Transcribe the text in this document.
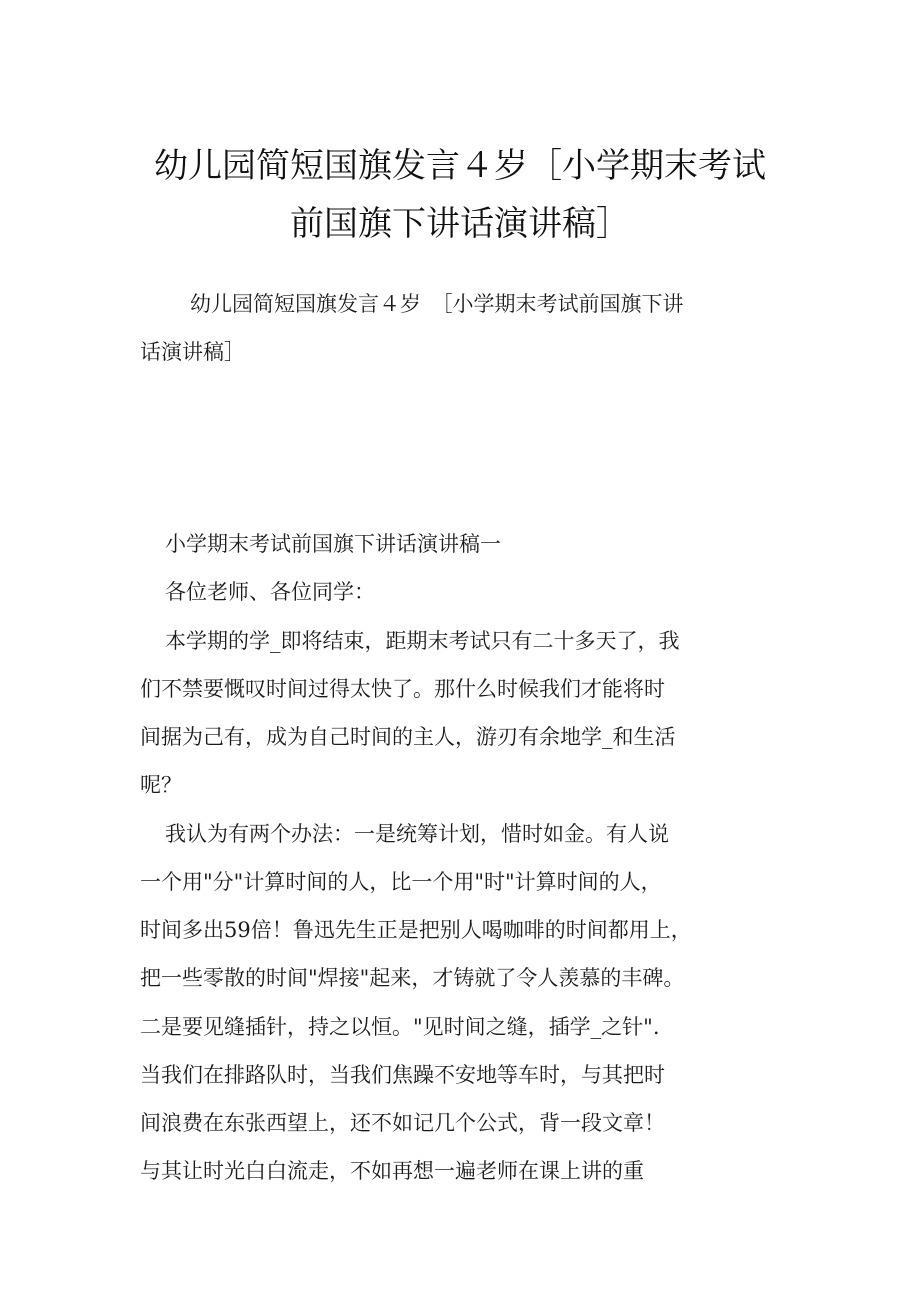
幼儿园简短国旗发言４岁［小学期末考试
前国旗下讲话演讲稿］
幼儿园简短国旗发言４岁　［小学期末考试前国旗下讲
话演讲稿］
小学期末考试前国旗下讲话演讲稿一
各位老师、各位同学：
本学期的学_即将结束，距期末考试只有二十多天了，我
们不禁要慨叹时间过得太快了。那什么时候我们才能将时
间据为己有，成为自己时间的主人，游刃有余地学_和生活
呢？
我认为有两个办法：一是统筹计划，惜时如金。有人说
一个用"分"计算时间的人，比一个用"时"计算时间的人，
时间多出59倍！鲁迅先生正是把别人喝咖啡的时间都用上，
把一些零散的时间"焊接"起来，才铸就了令人羡慕的丰碑。
二是要见缝插针，持之以恒。"见时间之缝，插学_之针".
当我们在排路队时，当我们焦躁不安地等车时，与其把时
间浪费在东张西望上，还不如记几个公式，背一段文章！
与其让时光白白流走，不如再想一遍老师在课上讲的重
